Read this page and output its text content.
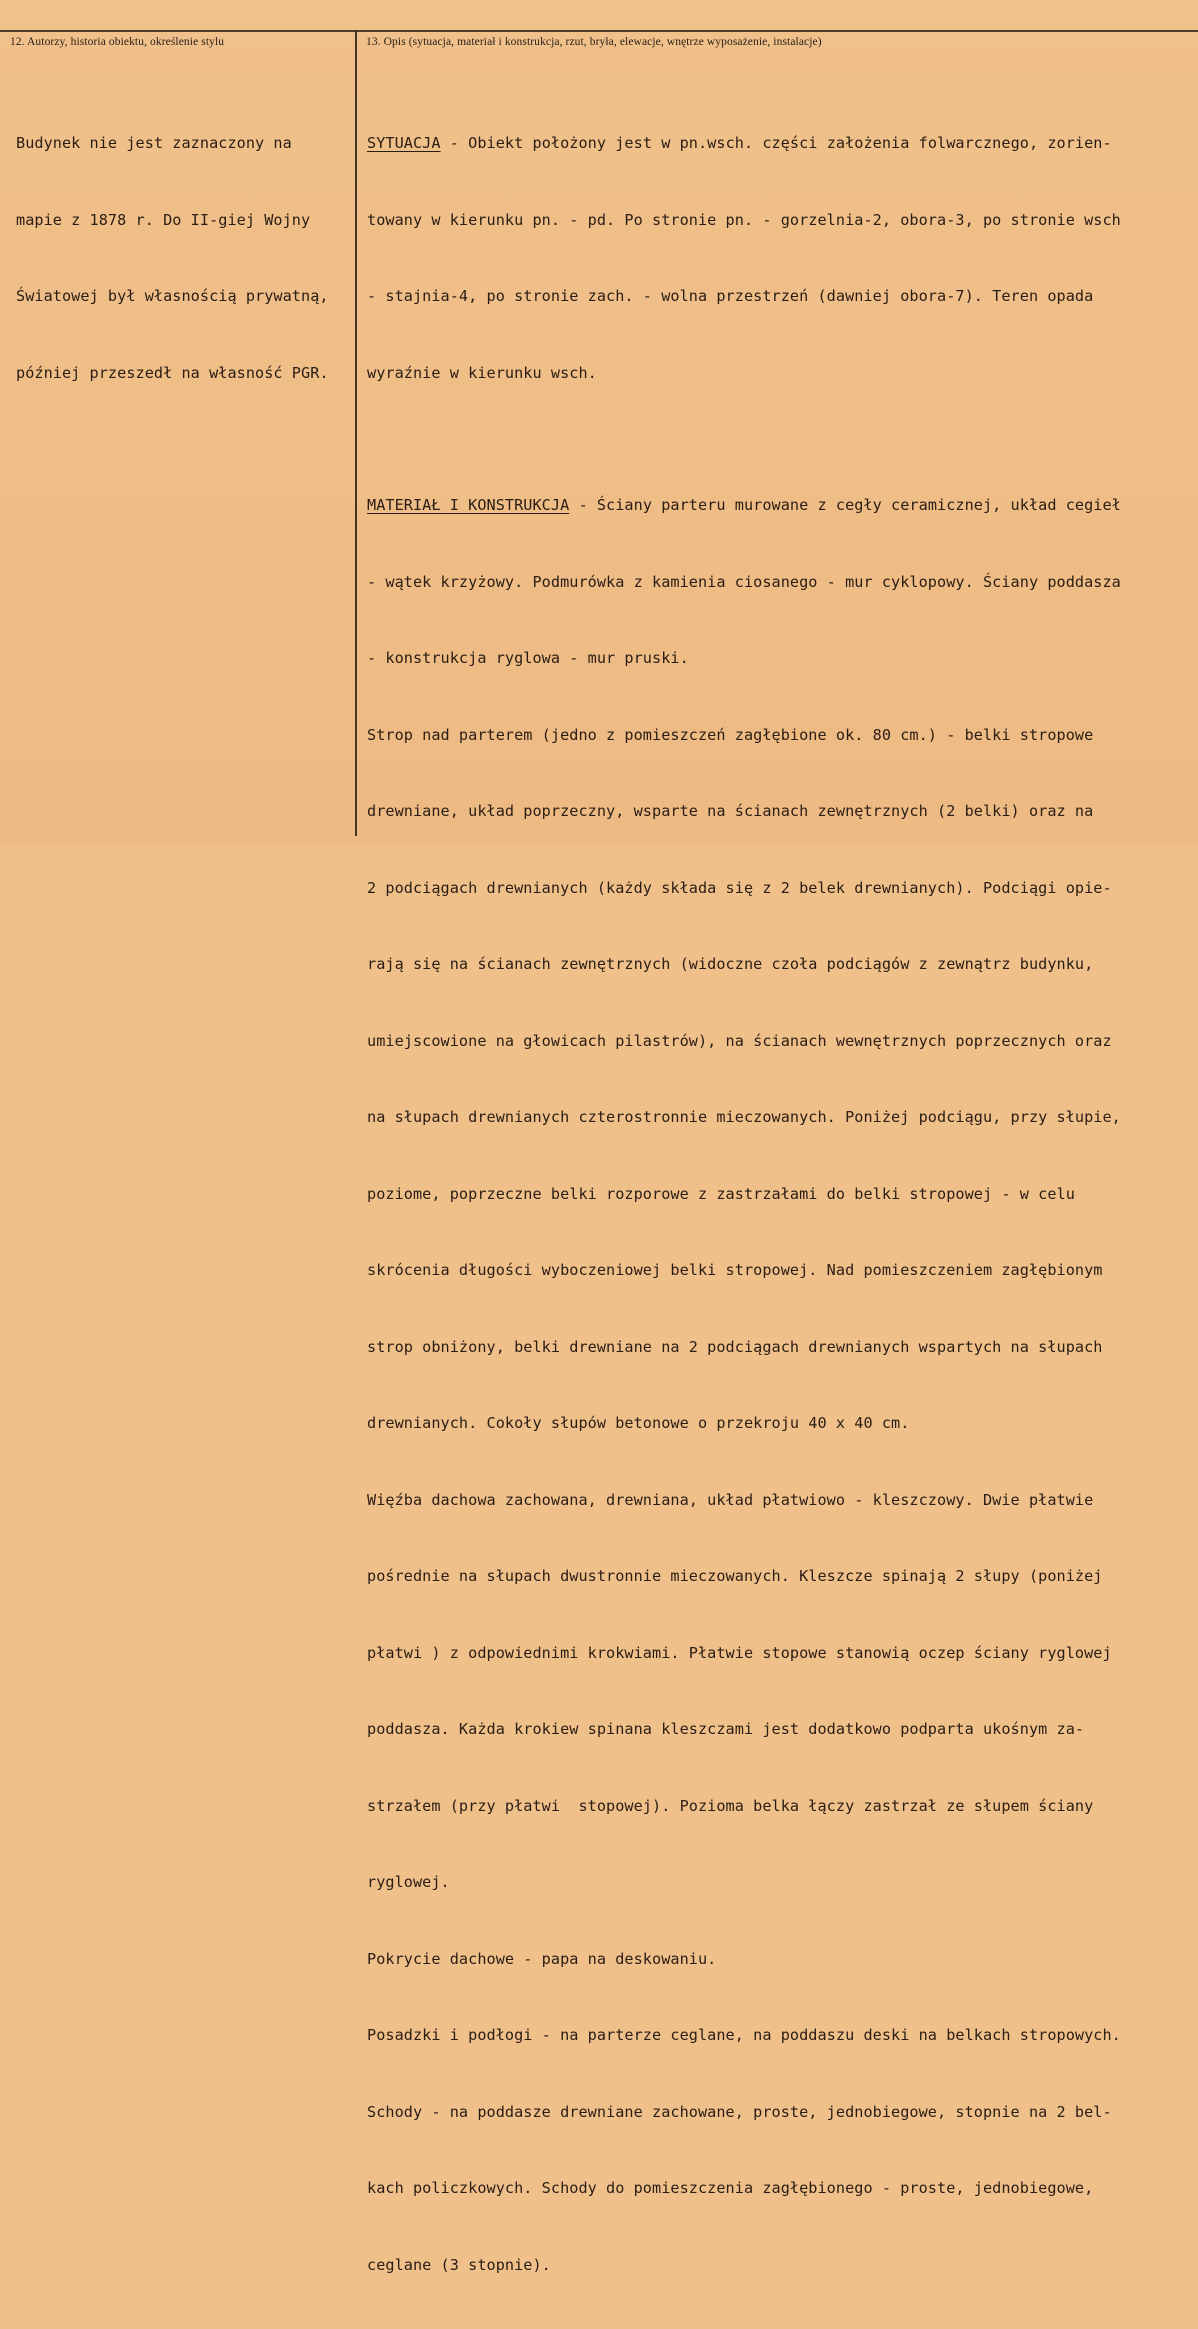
12. Autorzy, historia obiektu, określenie stylu	13. Opis (sytuacja, materiał i konstrukcja, rzut, bryła, elewacje, wnętrze wyposażenie, instalacje)

Budynek nie jest zaznaczony na

mapie z 1878 r. Do II-giej Wojny

Światowej był własnością prywatną,

później przeszedł na własność PGR.

SYTUACJA - Obiekt położony jest w pn.wsch. części założenia folwarcznego, zorien-

towany w kierunku pn. - pd. Po stronie pn. - gorzelnia-2, obora-3, po stronie wsch

- stajnia-4, po stronie zach. - wolna przestrzeń (dawniej obora-7). Teren opada

wyraźnie w kierunku wsch.

MATERIAŁ I KONSTRUKCJA - Ściany parteru murowane z cegły ceramicznej, układ cegieł

- wątek krzyżowy. Podmurówka z kamienia ciosanego - mur cyklopowy. Ściany poddasza

- konstrukcja ryglowa - mur pruski.

Strop nad parterem (jedno z pomieszczeń zagłębione ok. 80 cm.) - belki stropowe

drewniane, układ poprzeczny, wsparte na ścianach zewnętrznych (2 belki) oraz na

2 podciągach drewnianych (każdy składa się z 2 belek drewnianych). Podciągi opie-

rają się na ścianach zewnętrznych (widoczne czoła podciągów z zewnątrz budynku,

umiejscowione na głowicach pilastrów), na ścianach wewnętrznych poprzecznych oraz

na słupach drewnianych czterostronnie mieczowanych. Poniżej podciągu, przy słupie,

poziome, poprzeczne belki rozporowe z zastrzałami do belki stropowej - w celu

skrócenia długości wyboczeniowej belki stropowej. Nad pomieszczeniem zagłębionym

strop obniżony, belki drewniane na 2 podciągach drewnianych wspartych na słupach

drewnianych. Cokoły słupów betonowe o przekroju 40 x 40 cm.

Więźba dachowa zachowana, drewniana, układ płatwiowo - kleszczowy. Dwie płatwie

pośrednie na słupach dwustronnie mieczowanych. Kleszcze spinają 2 słupy (poniżej

płatwi ) z odpowiednimi krokwiami. Płatwie stopowe stanowią oczep ściany ryglowej

poddasza. Każda krokiew spinana kleszczami jest dodatkowo podparta ukośnym za-

strzałem (przy płatwi  stopowej). Pozioma belka łączy zastrzał ze słupem ściany

ryglowej.

Pokrycie dachowe - papa na deskowaniu.

Posadzki i podłogi - na parterze ceglane, na poddaszu deski na belkach stropowych.

Schody - na poddasze drewniane zachowane, proste, jednobiegowe, stopnie na 2 bel-

kach policzkowych. Schody do pomieszczenia zagłębionego - proste, jednobiegowe,

ceglane (3 stopnie).
